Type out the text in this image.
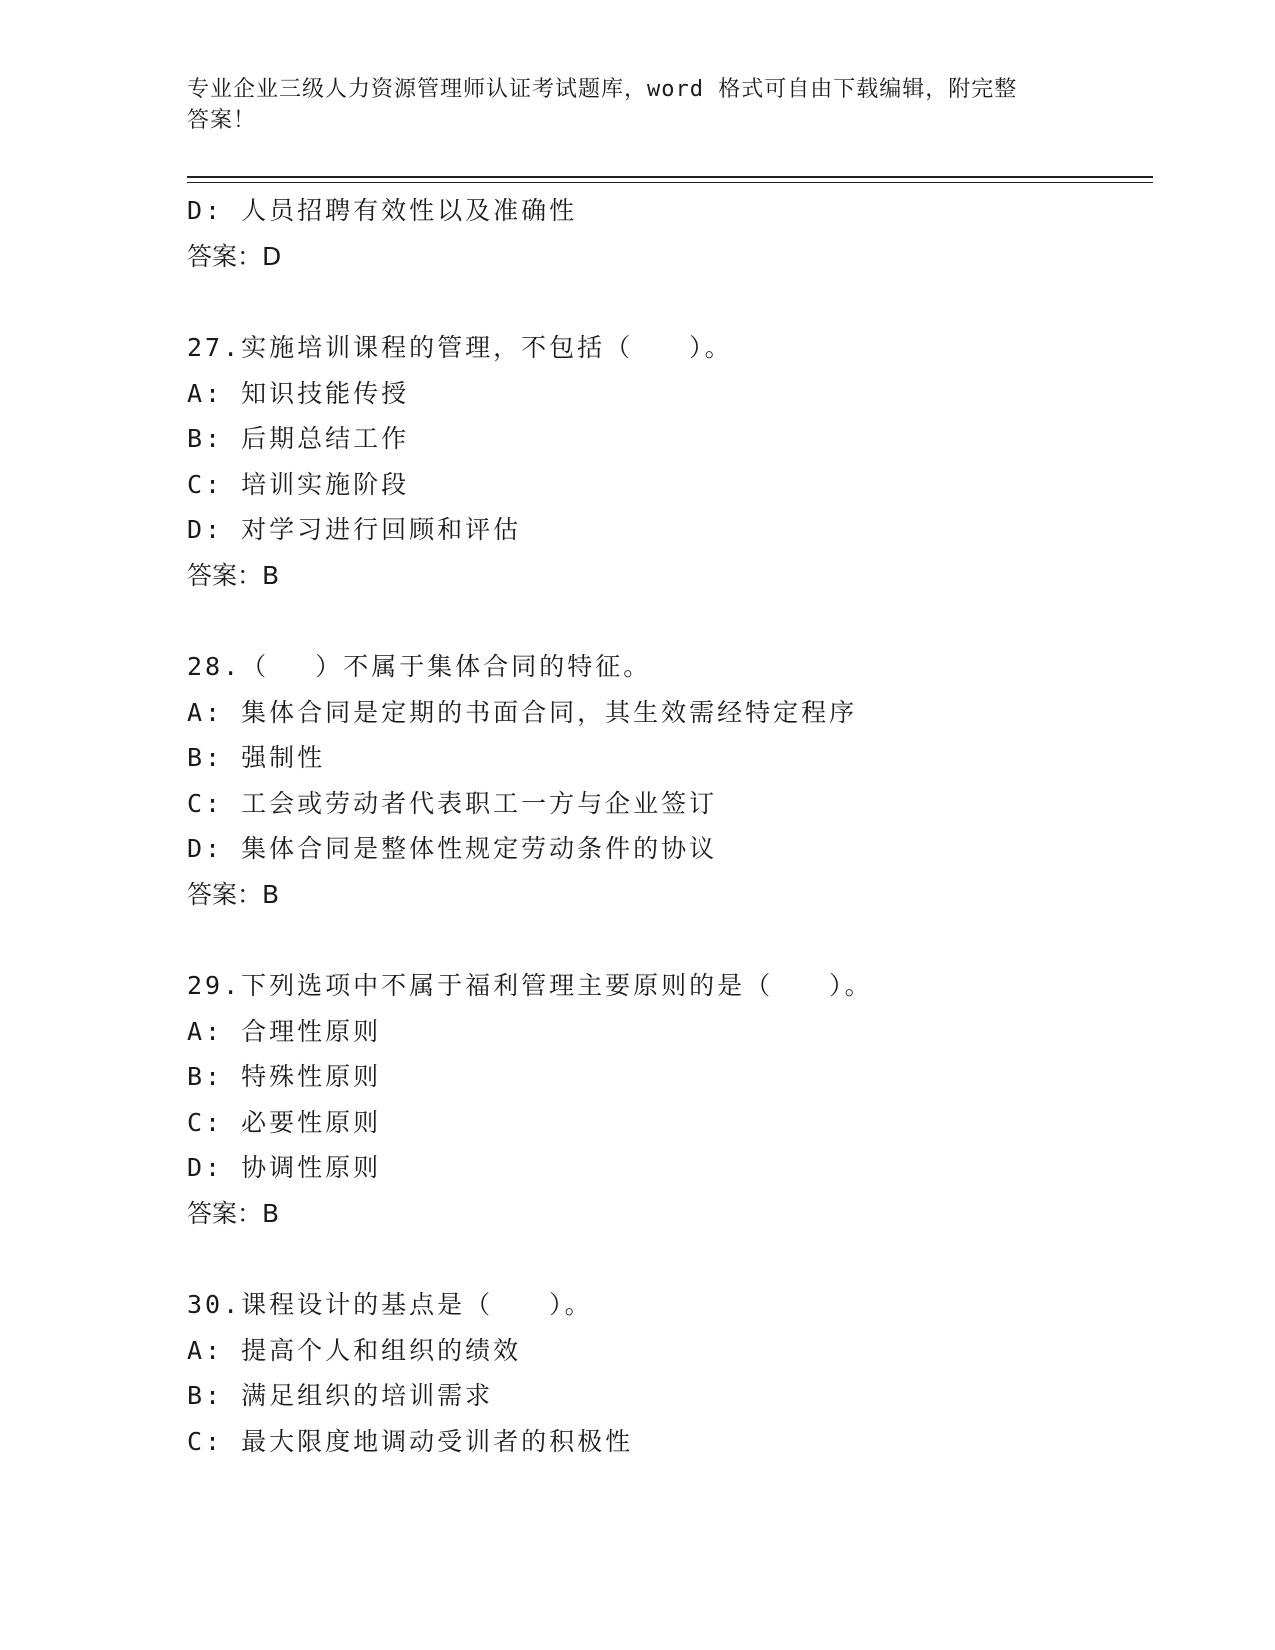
专业企业三级人力资源管理师认证考试题库，word 格式可自由下载编辑，附完整
答案！
D: 人员招聘有效性以及准确性
答案：D
27.实施培训课程的管理，不包括（　　）。
A: 知识技能传授
B: 后期总结工作
C: 培训实施阶段
D: 对学习进行回顾和评估
答案：B
28.（　 ）不属于集体合同的特征。
A: 集体合同是定期的书面合同，其生效需经特定程序
B: 强制性
C: 工会或劳动者代表职工一方与企业签订
D: 集体合同是整体性规定劳动条件的协议
答案：B
29.下列选项中不属于福利管理主要原则的是（　　）。
A: 合理性原则
B: 特殊性原则
C: 必要性原则
D: 协调性原则
答案：B
30.课程设计的基点是（　　）。
A: 提高个人和组织的绩效
B: 满足组织的培训需求
C: 最大限度地调动受训者的积极性
